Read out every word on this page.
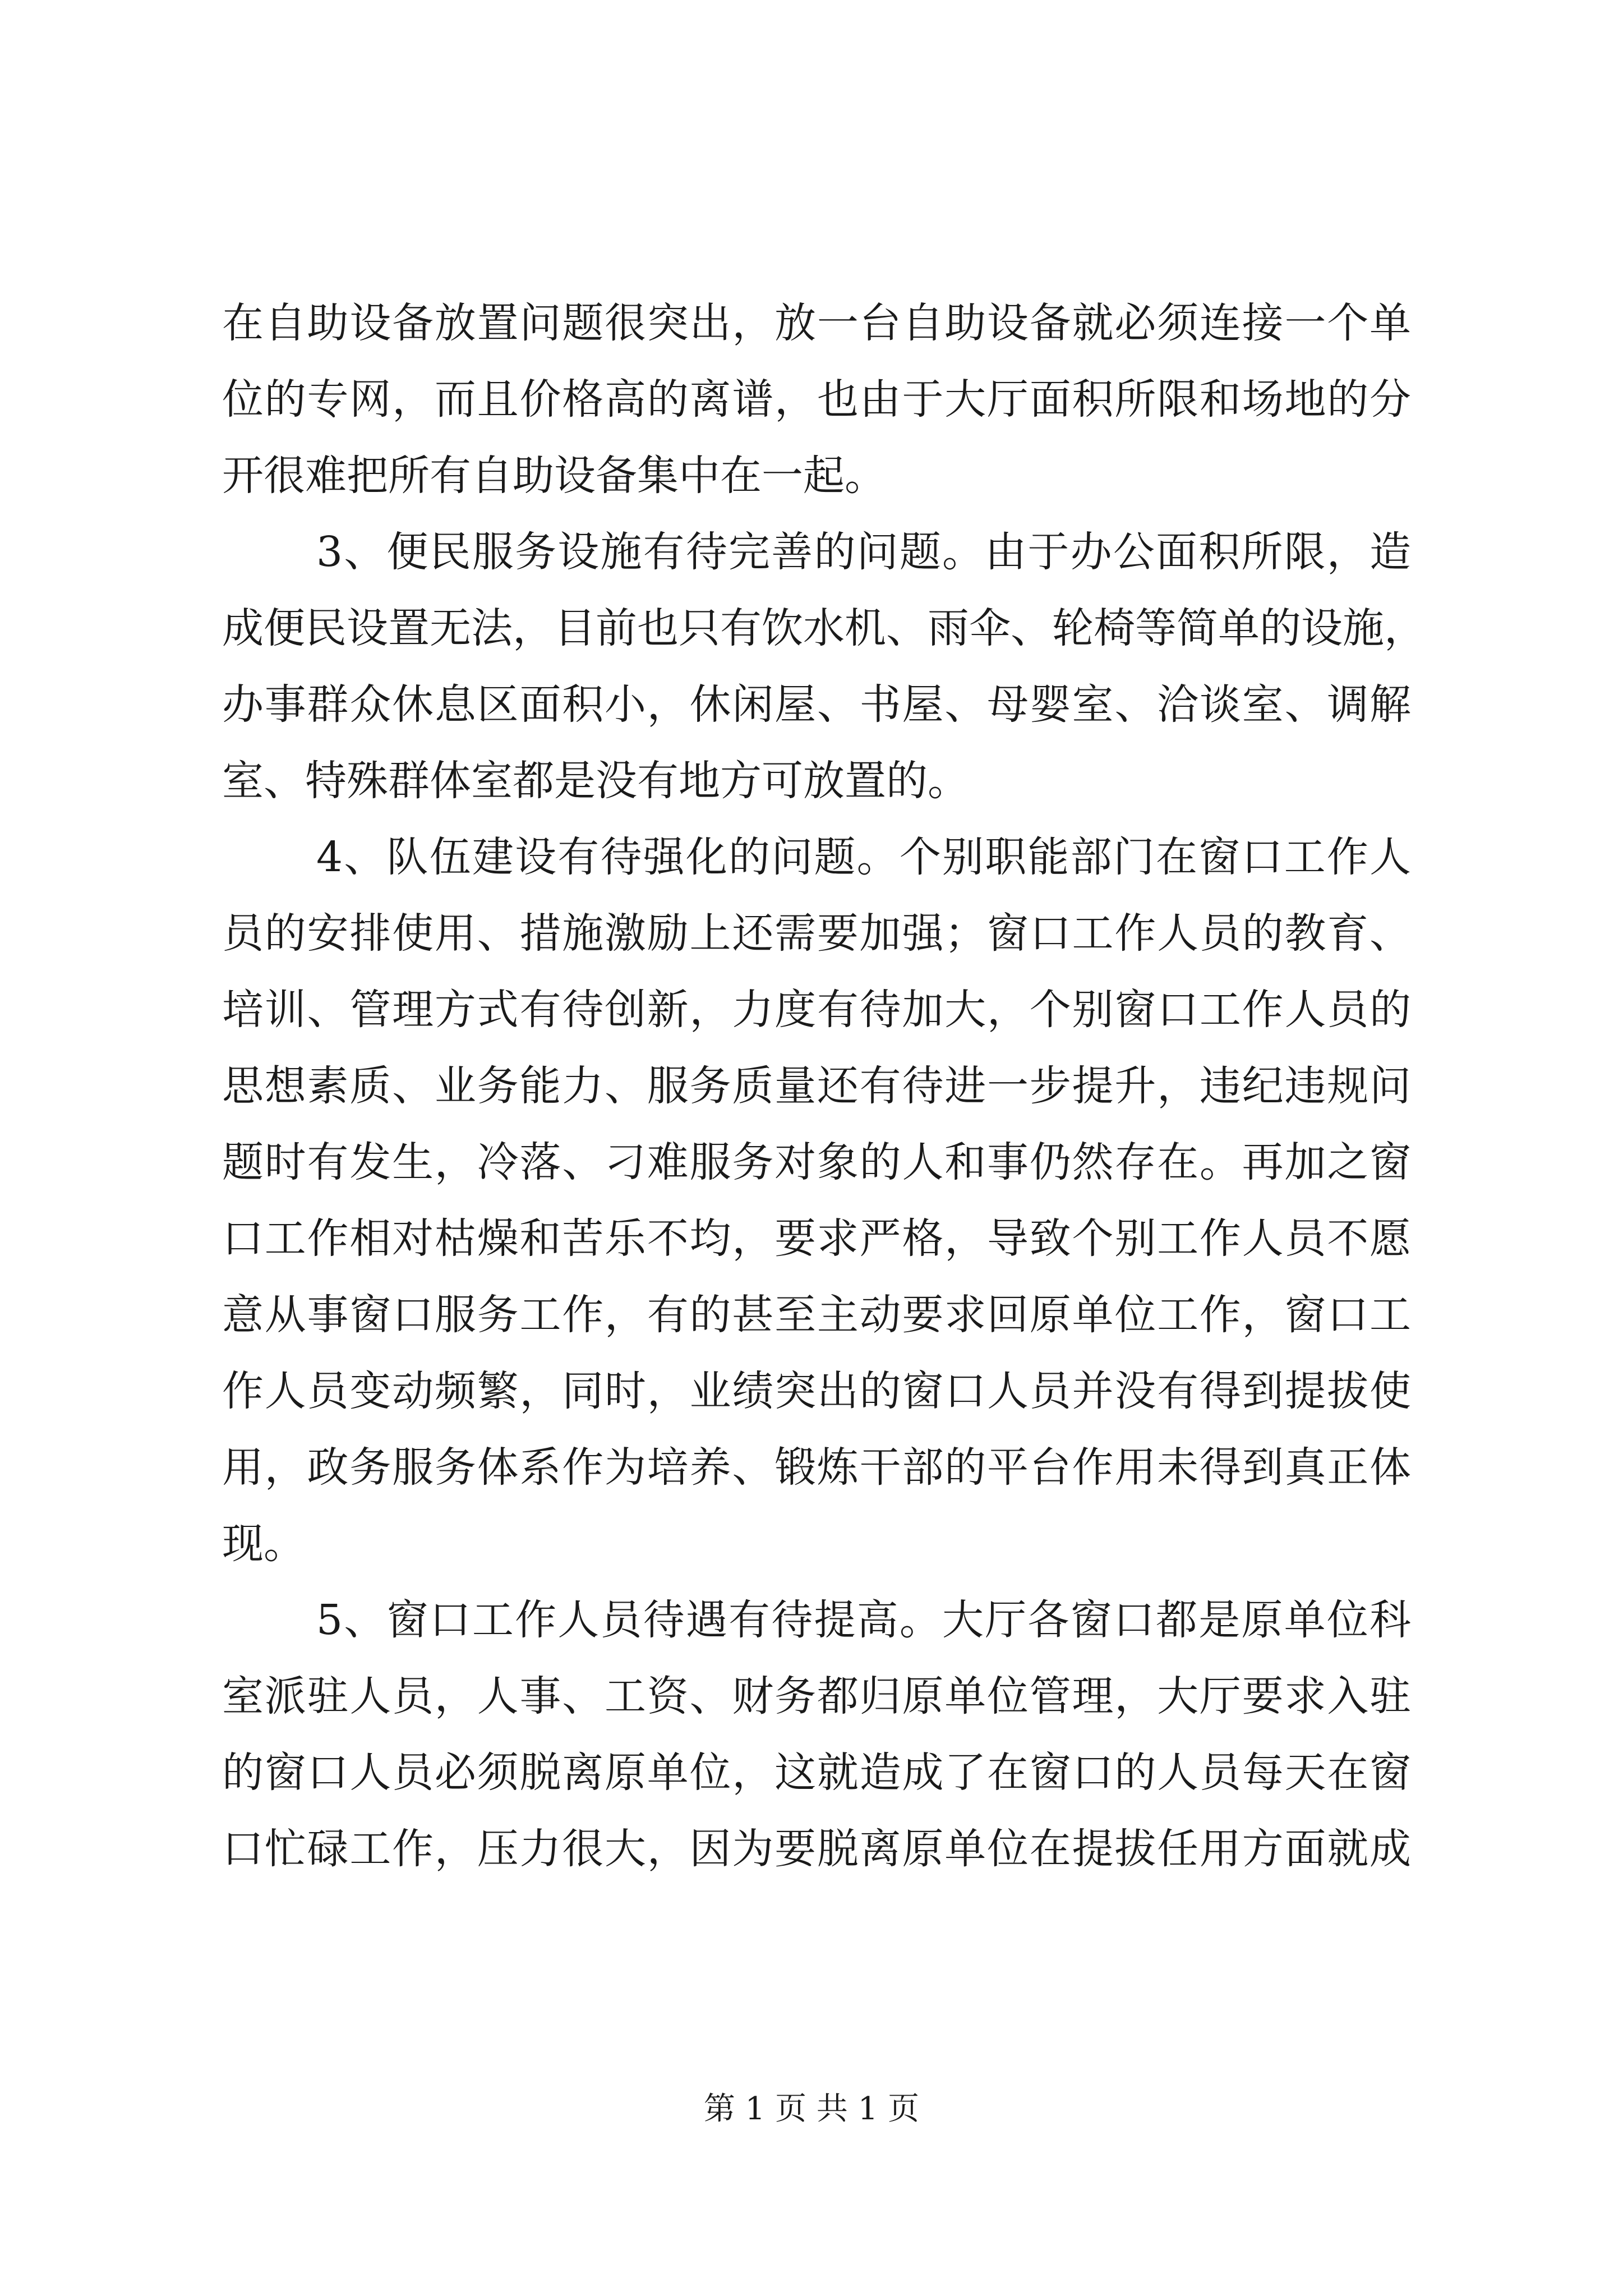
在自助设备放置问题很突出，放一台自助设备就必须连接一个单
位的专网，而且价格高的离谱，也由于大厅面积所限和场地的分
开很难把所有自助设备集中在一起。
3、便民服务设施有待完善的问题。由于办公面积所限，造
成便民设置无法，目前也只有饮水机、雨伞、轮椅等简单的设施，
办事群众休息区面积小，休闲屋、书屋、母婴室、洽谈室、调解
室、特殊群体室都是没有地方可放置的。
4、队伍建设有待强化的问题。个别职能部门在窗口工作人
员的安排使用、措施激励上还需要加强；窗口工作人员的教育、
培训、管理方式有待创新，力度有待加大，个别窗口工作人员的
思想素质、业务能力、服务质量还有待进一步提升，违纪违规问
题时有发生，冷落、刁难服务对象的人和事仍然存在。再加之窗
口工作相对枯燥和苦乐不均，要求严格，导致个别工作人员不愿
意从事窗口服务工作，有的甚至主动要求回原单位工作，窗口工
作人员变动频繁，同时，业绩突出的窗口人员并没有得到提拔使
用，政务服务体系作为培养、锻炼干部的平台作用未得到真正体
现。
5、窗口工作人员待遇有待提高。大厅各窗口都是原单位科
室派驻人员，人事、工资、财务都归原单位管理，大厅要求入驻
的窗口人员必须脱离原单位，这就造成了在窗口的人员每天在窗
口忙碌工作，压力很大，因为要脱离原单位在提拔任用方面就成
第 1 页 共 1 页
